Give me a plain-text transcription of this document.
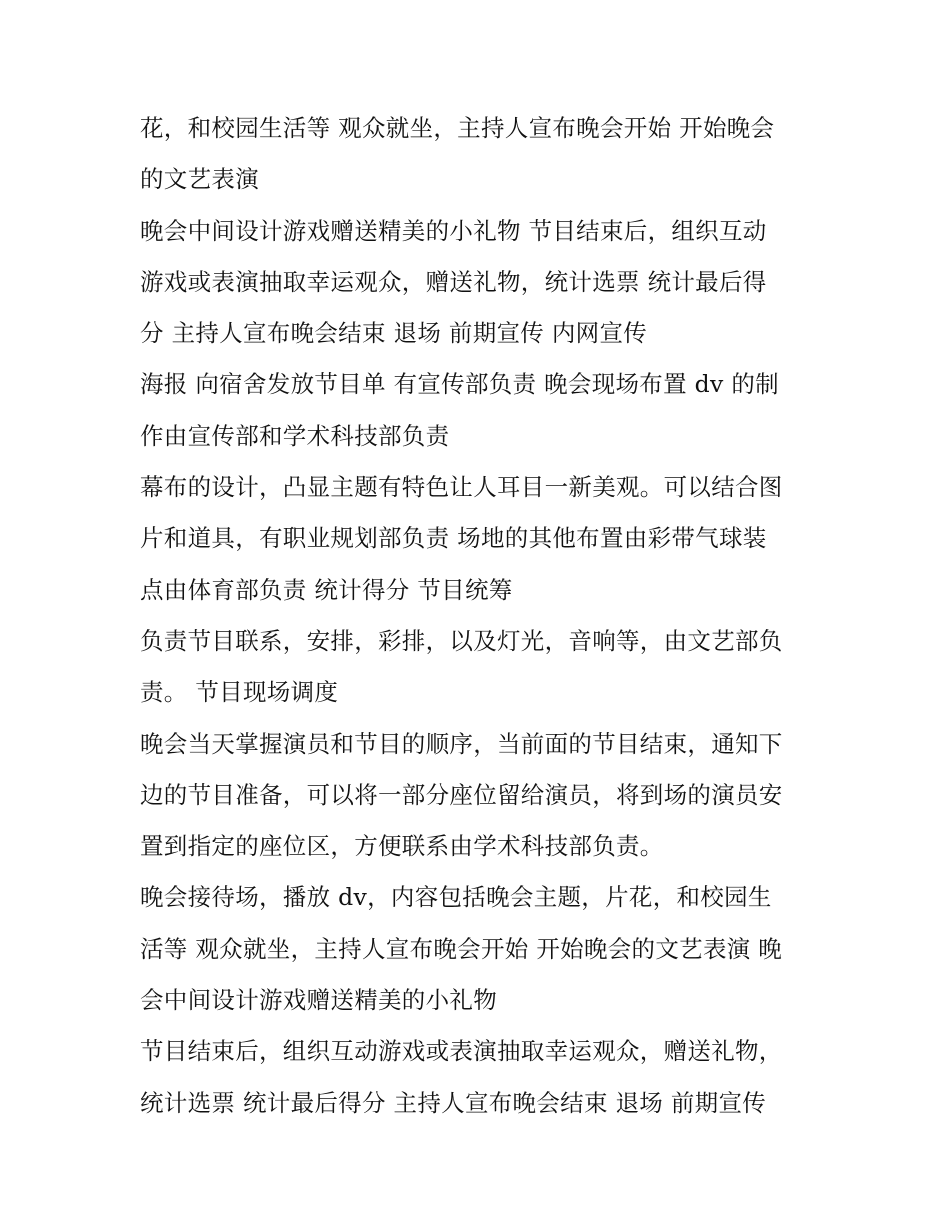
花，和校园生活等 观众就坐，主持人宣布晚会开始 开始晚会
的文艺表演
晚会中间设计游戏赠送精美的小礼物 节目结束后，组织互动
游戏或表演抽取幸运观众，赠送礼物，统计选票 统计最后得
分 主持人宣布晚会结束 退场 前期宣传 内网宣传
海报 向宿舍发放节目单 有宣传部负责 晚会现场布置 dv 的制
作由宣传部和学术科技部负责
幕布的设计，凸显主题有特色让人耳目一新美观。可以结合图
片和道具，有职业规划部负责 场地的其他布置由彩带气球装
点由体育部负责 统计得分 节目统筹
负责节目联系，安排，彩排，以及灯光，音响等，由文艺部负
责。 节目现场调度
晚会当天掌握演员和节目的顺序，当前面的节目结束，通知下
边的节目准备，可以将一部分座位留给演员，将到场的演员安
置到指定的座位区，方便联系由学术科技部负责。
晚会接待场，播放 dv，内容包括晚会主题，片花，和校园生
活等 观众就坐，主持人宣布晚会开始 开始晚会的文艺表演 晚
会中间设计游戏赠送精美的小礼物
节目结束后，组织互动游戏或表演抽取幸运观众，赠送礼物，
统计选票 统计最后得分 主持人宣布晚会结束 退场 前期宣传
